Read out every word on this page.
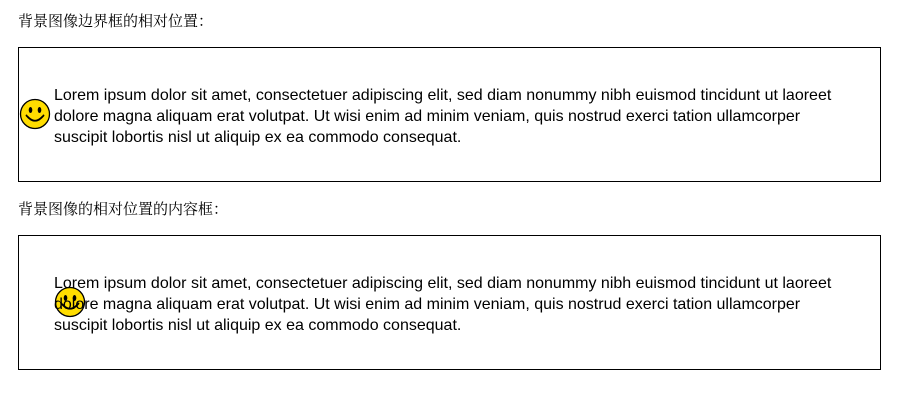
背景图像边界框的相对位置：

Lorem ipsum dolor sit amet, consectetuer adipiscing elit, sed diam nonummy nibh euismod tincidunt ut laoreet dolore magna aliquam erat volutpat. Ut wisi enim ad minim veniam, quis nostrud exerci tation ullamcorper suscipit lobortis nisl ut aliquip ex ea commodo consequat.

背景图像的相对位置的内容框：

Lorem ipsum dolor sit amet, consectetuer adipiscing elit, sed diam nonummy nibh euismod tincidunt ut laoreet dolore magna aliquam erat volutpat. Ut wisi enim ad minim veniam, quis nostrud exerci tation ullamcorper suscipit lobortis nisl ut aliquip ex ea commodo consequat.
